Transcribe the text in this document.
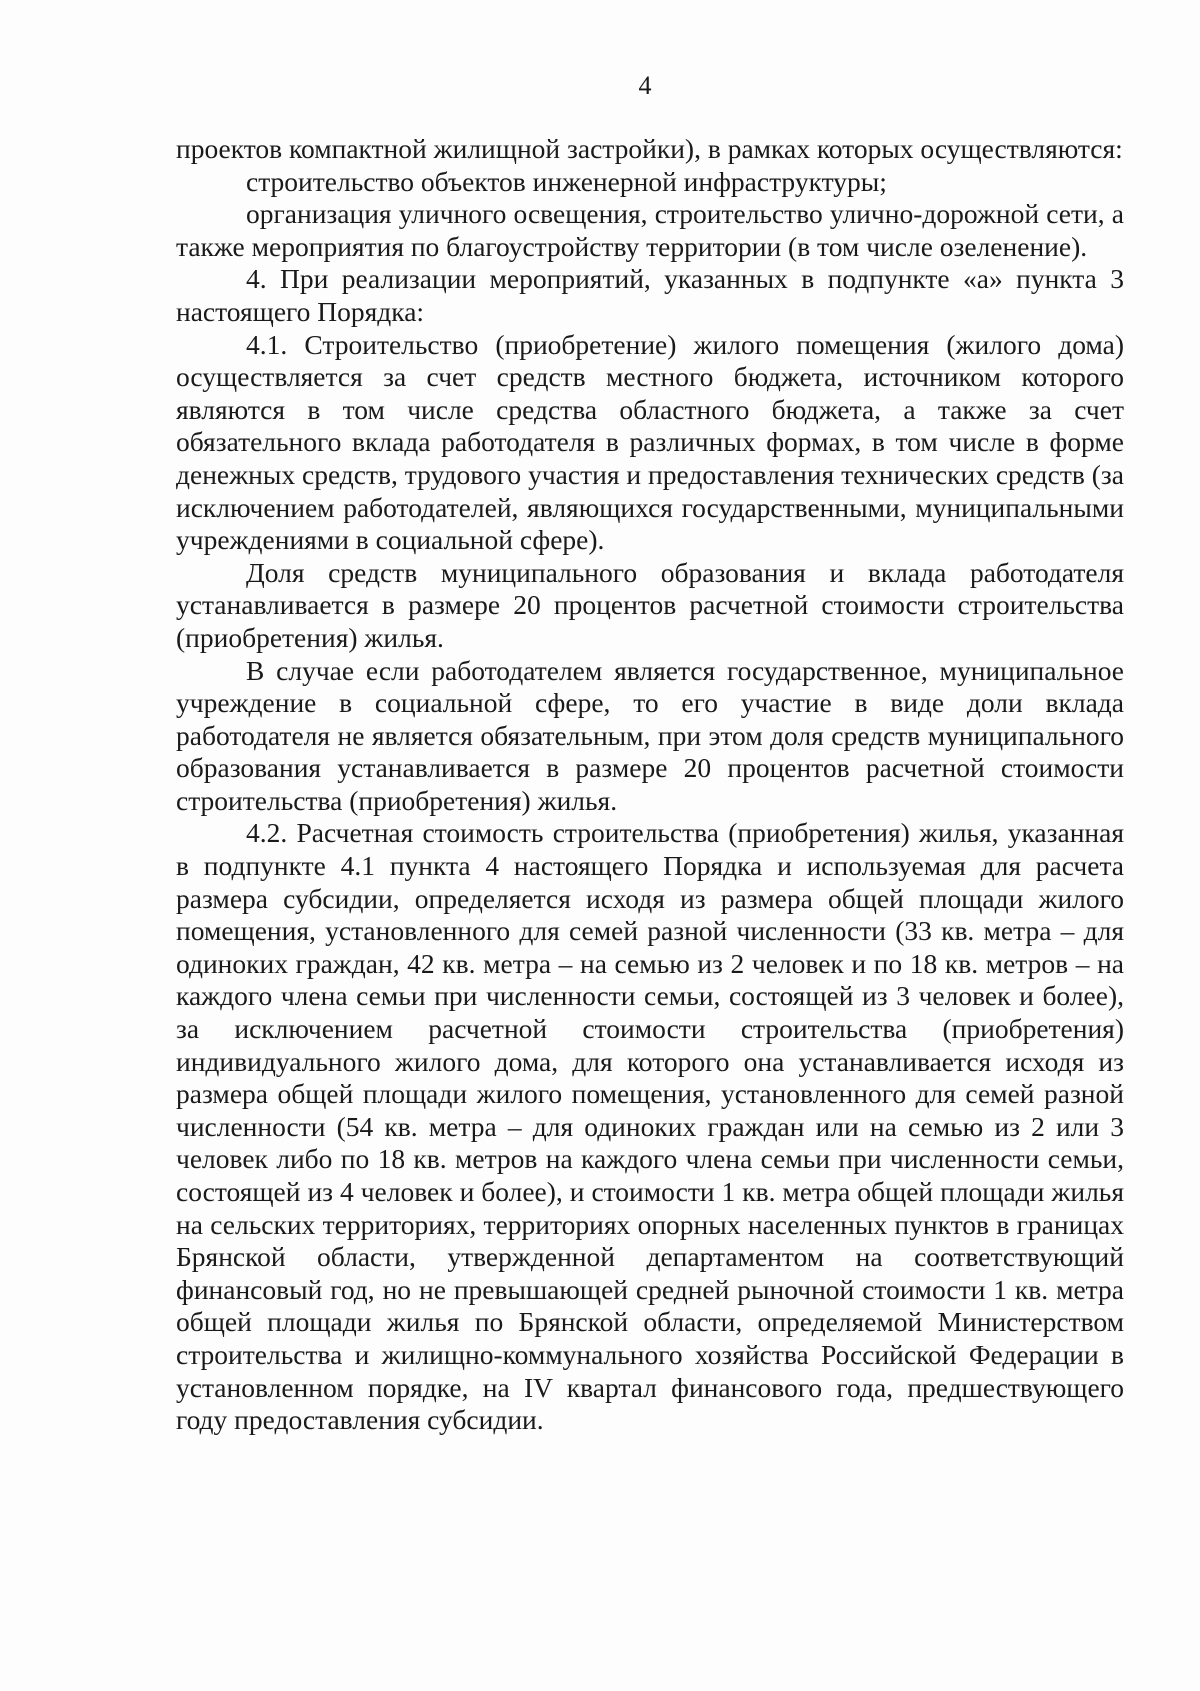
4

проектов компактной жилищной застройки), в рамках которых осуществляются:

строительство объектов инженерной инфраструктуры;

организация уличного освещения, строительство улично-дорожной сети, а также мероприятия по благоустройству территории (в том числе озеленение).

4. При реализации мероприятий, указанных в подпункте «а» пункта 3 настоящего Порядка:

4.1. Строительство (приобретение) жилого помещения (жилого дома) осуществляется за счет средств местного бюджета, источником которого являются в том числе средства областного бюджета, а также за счет обязательного вклада работодателя в различных формах, в том числе в форме денежных средств, трудового участия и предоставления технических средств (за исключением работодателей, являющихся государственными, муниципальными учреждениями в социальной сфере).

Доля средств муниципального образования и вклада работодателя устанавливается в размере 20 процентов расчетной стоимости строительства (приобретения) жилья.

В случае если работодателем является государственное, муниципальное учреждение в социальной сфере, то его участие в виде доли вклада работодателя не является обязательным, при этом доля средств муниципального образования устанавливается в размере 20 процентов расчетной стоимости строительства (приобретения) жилья.

4.2. Расчетная стоимость строительства (приобретения) жилья, указанная в подпункте 4.1 пункта 4 настоящего Порядка и используемая для расчета размера субсидии, определяется исходя из размера общей площади жилого помещения, установленного для семей разной численности (33 кв. метра – для одиноких граждан, 42 кв. метра – на семью из 2 человек и по 18 кв. метров – на каждого члена семьи при численности семьи, состоящей из 3 человек и более), за исключением расчетной стоимости строительства (приобретения) индивидуального жилого дома, для которого она устанавливается исходя из размера общей площади жилого помещения, установленного для семей разной численности (54 кв. метра – для одиноких граждан или на семью из 2 или 3 человек либо по 18 кв. метров на каждого члена семьи при численности семьи, состоящей из 4 человек и более), и стоимости 1 кв. метра общей площади жилья на сельских территориях, территориях опорных населенных пунктов в границах Брянской области, утвержденной департаментом на соответствующий финансовый год, но не превышающей средней рыночной стоимости 1 кв. метра общей площади жилья по Брянской области, определяемой Министерством строительства и жилищно-коммунального хозяйства Российской Федерации в установленном порядке, на IV квартал финансового года, предшествующего году предоставления субсидии.
